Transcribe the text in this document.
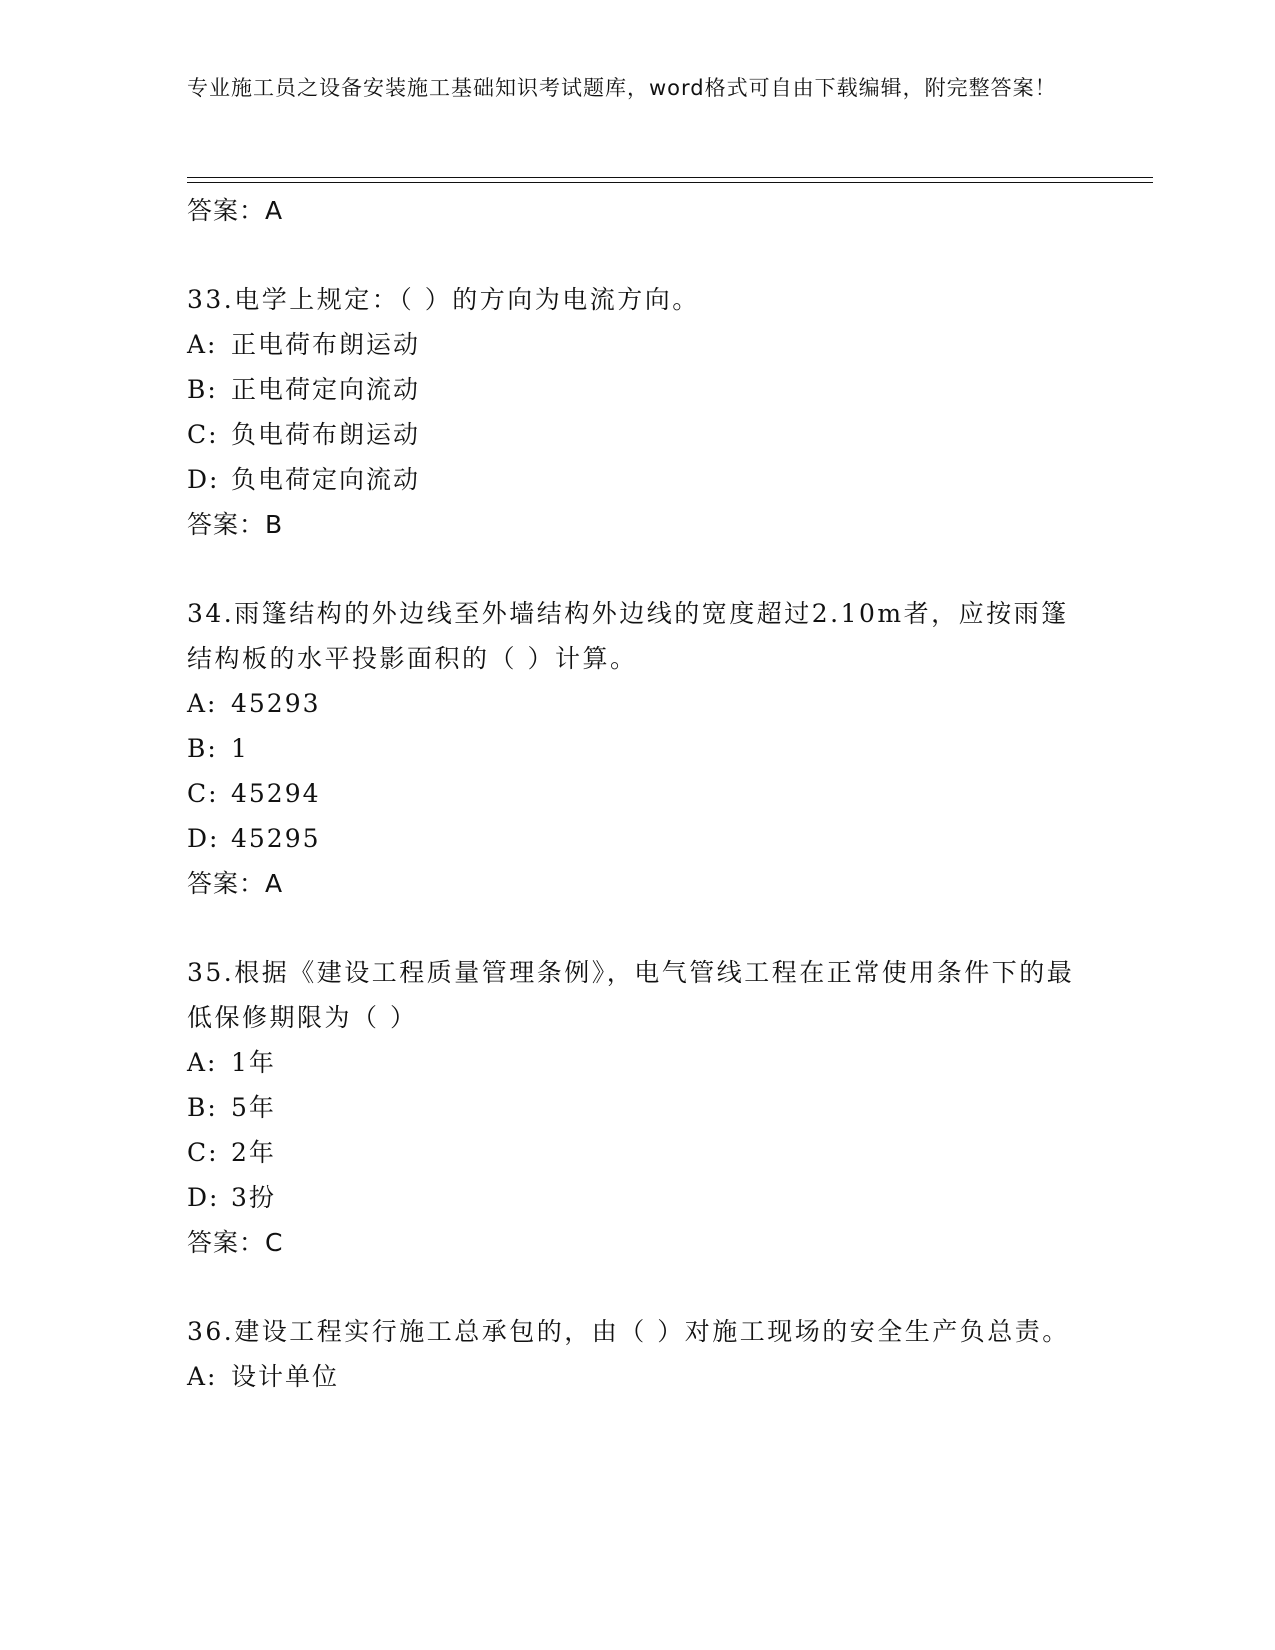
专业施工员之设备安装施工基础知识考试题库，word格式可自由下载编辑，附完整答案！
答案：A
33.电学上规定：（ ）的方向为电流方向。
A: 正电荷布朗运动
B: 正电荷定向流动
C: 负电荷布朗运动
D: 负电荷定向流动
答案：B
34.雨篷结构的外边线至外墙结构外边线的宽度超过2.10m者，应按雨篷结构板的水平投影面积的（ ）计算。
A: 45293
B: 1
C: 45294
D: 45295
答案：A
35.根据《建设工程质量管理条例》，电气管线工程在正常使用条件下的最低保修期限为（ ）
A: 1年
B: 5年
C: 2年
D: 3扮
答案：C
36.建设工程实行施工总承包的，由（ ）对施工现场的安全生产负总责。
A: 设计单位
